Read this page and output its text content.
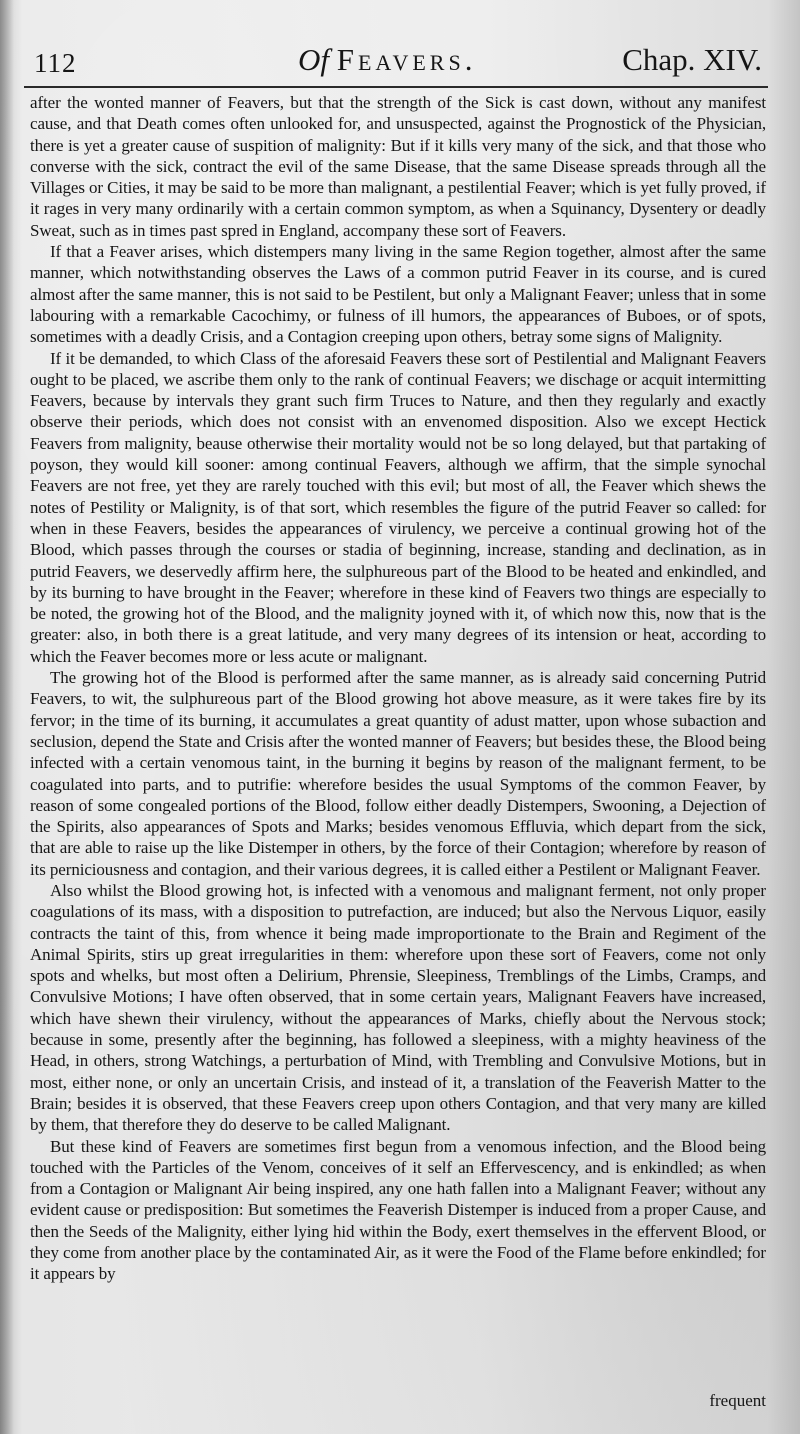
112	Of Feavers.	Chap. XIV.

after the wonted manner of Feavers, but that the strength of the Sick is cast down, without any manifest cause, and that Death comes often unlooked for, and unsuspected, against the Prognostick of the Physician, there is yet a greater cause of suspition of malignity: But if it kills very many of the sick, and that those who converse with the sick, contract the evil of the same Disease, that the same Disease spreads through all the Villages or Cities, it may be said to be more than malignant, a pestilential Feaver; which is yet fully proved, if it rages in very many ordinarily with a certain common symptom, as when a Squinancy, Dysentery or deadly Sweat, such as in times past spred in England, accompany these sort of Feavers.

If that a Feaver arises, which distempers many living in the same Region together, almost after the same manner, which notwithstanding observes the Laws of a common putrid Feaver in its course, and is cured almost after the same manner, this is not said to be Pestilent, but only a Malignant Feaver; unless that in some labouring with a remarkable Cacochimy, or fulness of ill humors, the appearances of Buboes, or of spots, sometimes with a deadly Crisis, and a Contagion creeping upon others, betray some signs of Malignity.

If it be demanded, to which Class of the aforesaid Feavers these sort of Pestilential and Malignant Feavers ought to be placed, we ascribe them only to the rank of continual Feavers; we dischage or acquit intermitting Feavers, because by intervals they grant such firm Truces to Nature, and then they regularly and exactly observe their periods, which does not consist with an envenomed disposition. Also we except Hectick Feavers from malignity, beause otherwise their mortality would not be so long delayed, but that partaking of poyson, they would kill sooner: among continual Feavers, although we affirm, that the simple synochal Feavers are not free, yet they are rarely touched with this evil; but most of all, the Feaver which shews the notes of Pestility or Malignity, is of that sort, which resembles the figure of the putrid Feaver so called: for when in these Feavers, besides the appearances of virulency, we perceive a continual growing hot of the Blood, which passes through the courses or stadia of beginning, increase, standing and declination, as in putrid Feavers, we deservedly affirm here, the sulphureous part of the Blood to be heated and enkindled, and by its burning to have brought in the Feaver; wherefore in these kind of Feavers two things are especially to be noted, the growing hot of the Blood, and the malignity joyned with it, of which now this, now that is the greater: also, in both there is a great latitude, and very many degrees of its intension or heat, according to which the Feaver becomes more or less acute or malignant.

The growing hot of the Blood is performed after the same manner, as is already said concerning Putrid Feavers, to wit, the sulphureous part of the Blood growing hot above measure, as it were takes fire by its fervor; in the time of its burning, it accumulates a great quantity of adust matter, upon whose subaction and seclusion, depend the State and Crisis after the wonted manner of Feavers; but besides these, the Blood being infected with a certain venomous taint, in the burning it begins by reason of the malignant ferment, to be coagulated into parts, and to putrifie: wherefore besides the usual Symptoms of the common Feaver, by reason of some congealed portions of the Blood, follow either deadly Distempers, Swooning, a Dejection of the Spirits, also appearances of Spots and Marks; besides venomous Effluvia, which depart from the sick, that are able to raise up the like Distemper in others, by the force of their Contagion; wherefore by reason of its perniciousness and contagion, and their various degrees, it is called either a Pestilent or Malignant Feaver.

Also whilst the Blood growing hot, is infected with a venomous and malignant ferment, not only proper coagulations of its mass, with a disposition to putrefaction, are induced; but also the Nervous Liquor, easily contracts the taint of this, from whence it being made improportionate to the Brain and Regiment of the Animal Spirits, stirs up great irregularities in them: wherefore upon these sort of Feavers, come not only spots and whelks, but most often a Delirium, Phrensie, Sleepiness, Tremblings of the Limbs, Cramps, and Convulsive Motions; I have often observed, that in some certain years, Malignant Feavers have increased, which have shewn their virulency, without the appearances of Marks, chiefly about the Nervous stock; because in some, presently after the beginning, has followed a sleepiness, with a mighty heaviness of the Head, in others, strong Watchings, a perturbation of Mind, with Trembling and Convulsive Motions, but in most, either none, or only an uncertain Crisis, and instead of it, a translation of the Feaverish Matter to the Brain; besides it is observed, that these Feavers creep upon others Contagion, and that very many are killed by them, that therefore they do deserve to be called Malignant.

But these kind of Feavers are sometimes first begun from a venomous infection, and the Blood being touched with the Particles of the Venom, conceives of it self an Effervescency, and is enkindled; as when from a Contagion or Malignant Air being inspired, any one hath fallen into a Malignant Feaver; without any evident cause or predisposition: But sometimes the Feaverish Distemper is induced from a proper Cause, and then the Seeds of the Malignity, either lying hid within the Body, exert themselves in the effervent Blood, or they come from another place by the contaminated Air, as it were the Food of the Flame before enkindled; for it appears by

frequent
